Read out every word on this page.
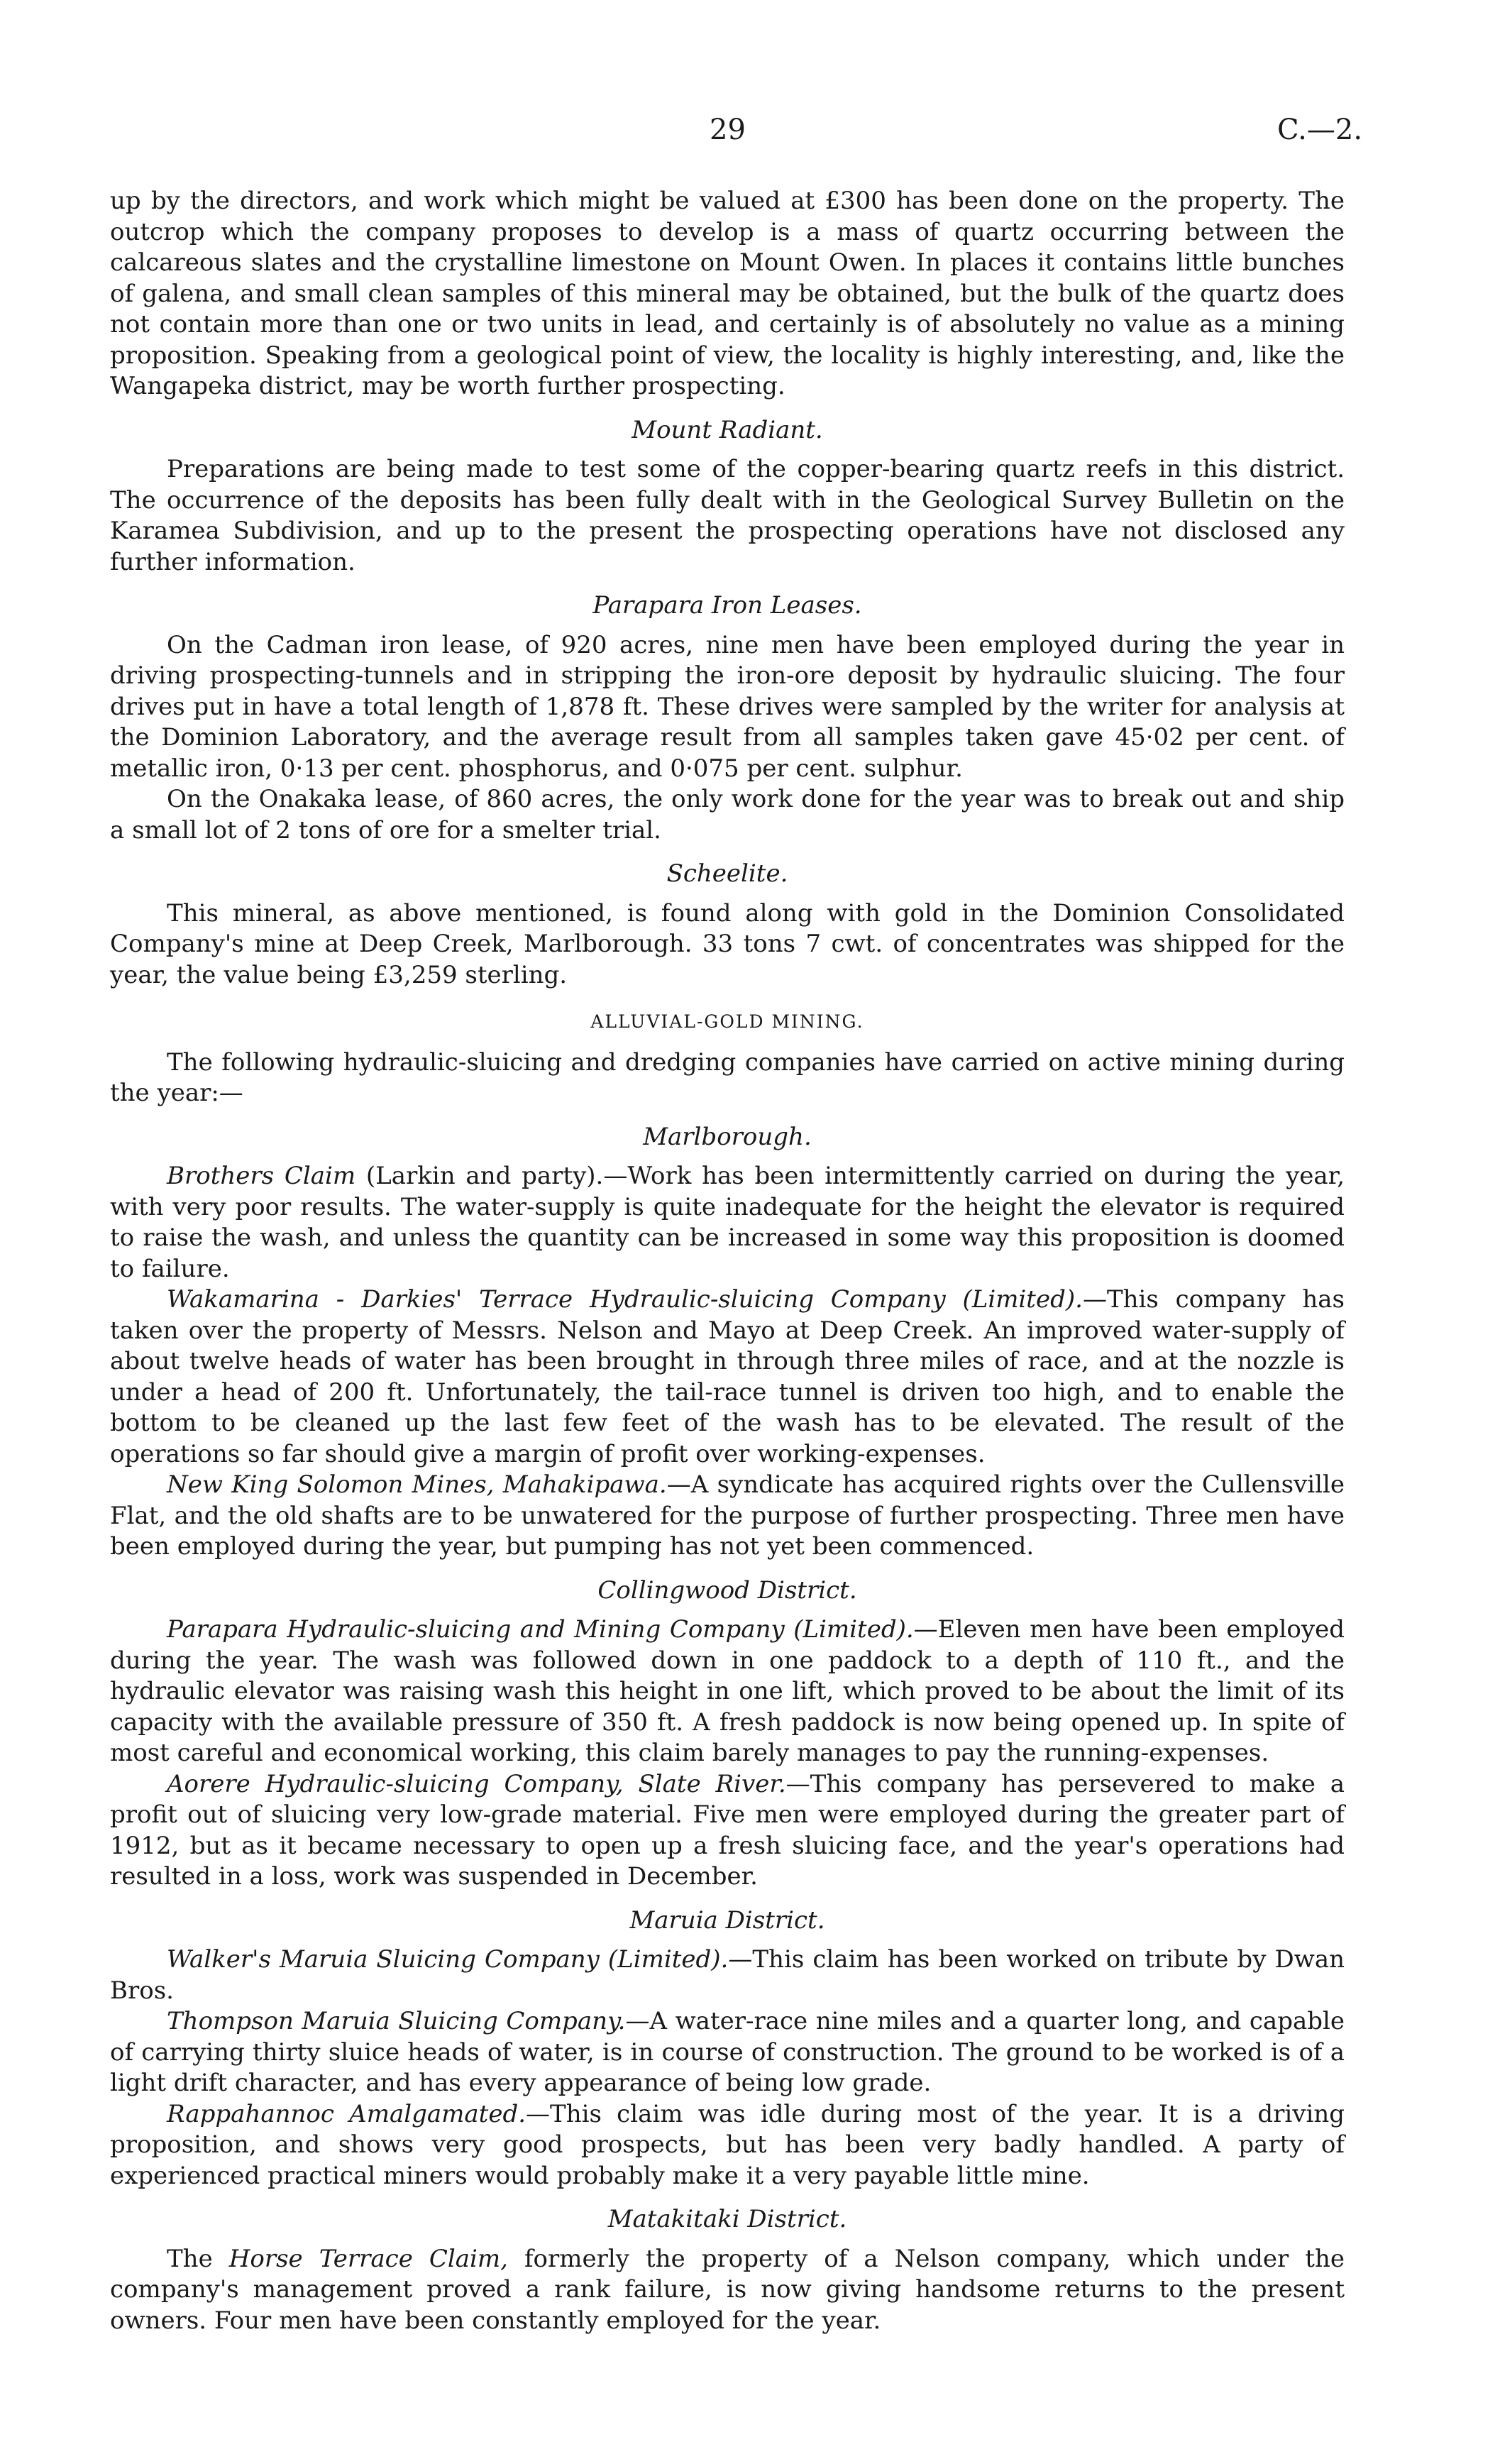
29	C.—2.

up by the directors, and work which might be valued at £300 has been done on the property. The outcrop which the company proposes to develop is a mass of quartz occurring between the calcareous slates and the crystalline limestone on Mount Owen. In places it contains little bunches of galena, and small clean samples of this mineral may be obtained, but the bulk of the quartz does not contain more than one or two units in lead, and certainly is of absolutely no value as a mining proposition. Speaking from a geological point of view, the locality is highly interesting, and, like the Wangapeka district, may be worth further prospecting.

Mount Radiant.

Preparations are being made to test some of the copper-bearing quartz reefs in this district. The occurrence of the deposits has been fully dealt with in the Geological Survey Bulletin on the Karamea Subdivision, and up to the present the prospecting operations have not disclosed any further information.

Parapara Iron Leases.

On the Cadman iron lease, of 920 acres, nine men have been employed during the year in driving prospecting-tunnels and in stripping the iron-ore deposit by hydraulic sluicing. The four drives put in have a total length of 1,878 ft. These drives were sampled by the writer for analysis at the Dominion Laboratory, and the average result from all samples taken gave 45·02 per cent. of metallic iron, 0·13 per cent. phosphorus, and 0·075 per cent. sulphur.

On the Onakaka lease, of 860 acres, the only work done for the year was to break out and ship a small lot of 2 tons of ore for a smelter trial.

Scheelite.

This mineral, as above mentioned, is found along with gold in the Dominion Consolidated Company's mine at Deep Creek, Marlborough. 33 tons 7 cwt. of concentrates was shipped for the year, the value being £3,259 sterling.

ALLUVIAL-GOLD MINING.

The following hydraulic-sluicing and dredging companies have carried on active mining during the year:—

Marlborough.

Brothers Claim (Larkin and party).—Work has been intermittently carried on during the year, with very poor results. The water-supply is quite inadequate for the height the elevator is required to raise the wash, and unless the quantity can be increased in some way this proposition is doomed to failure.

Wakamarina - Darkies' Terrace Hydraulic-sluicing Company (Limited).—This company has taken over the property of Messrs. Nelson and Mayo at Deep Creek. An improved water-supply of about twelve heads of water has been brought in through three miles of race, and at the nozzle is under a head of 200 ft. Unfortunately, the tail-race tunnel is driven too high, and to enable the bottom to be cleaned up the last few feet of the wash has to be elevated. The result of the operations so far should give a margin of profit over working-expenses.

New King Solomon Mines, Mahakipawa.—A syndicate has acquired rights over the Cullensville Flat, and the old shafts are to be unwatered for the purpose of further prospecting. Three men have been employed during the year, but pumping has not yet been commenced.

Collingwood District.

Parapara Hydraulic-sluicing and Mining Company (Limited).—Eleven men have been employed during the year. The wash was followed down in one paddock to a depth of 110 ft., and the hydraulic elevator was raising wash this height in one lift, which proved to be about the limit of its capacity with the available pressure of 350 ft. A fresh paddock is now being opened up. In spite of most careful and economical working, this claim barely manages to pay the running-expenses.

Aorere Hydraulic-sluicing Company, Slate River.—This company has persevered to make a profit out of sluicing very low-grade material. Five men were employed during the greater part of 1912, but as it became necessary to open up a fresh sluicing face, and the year's operations had resulted in a loss, work was suspended in December.

Maruia District.

Walker's Maruia Sluicing Company (Limited).—This claim has been worked on tribute by Dwan Bros.

Thompson Maruia Sluicing Company.—A water-race nine miles and a quarter long, and capable of carrying thirty sluice heads of water, is in course of construction. The ground to be worked is of a light drift character, and has every appearance of being low grade.

Rappahannoc Amalgamated.—This claim was idle during most of the year. It is a driving proposition, and shows very good prospects, but has been very badly handled. A party of experienced practical miners would probably make it a very payable little mine.

Matakitaki District.

The Horse Terrace Claim, formerly the property of a Nelson company, which under the company's management proved a rank failure, is now giving handsome returns to the present owners. Four men have been constantly employed for the year.
